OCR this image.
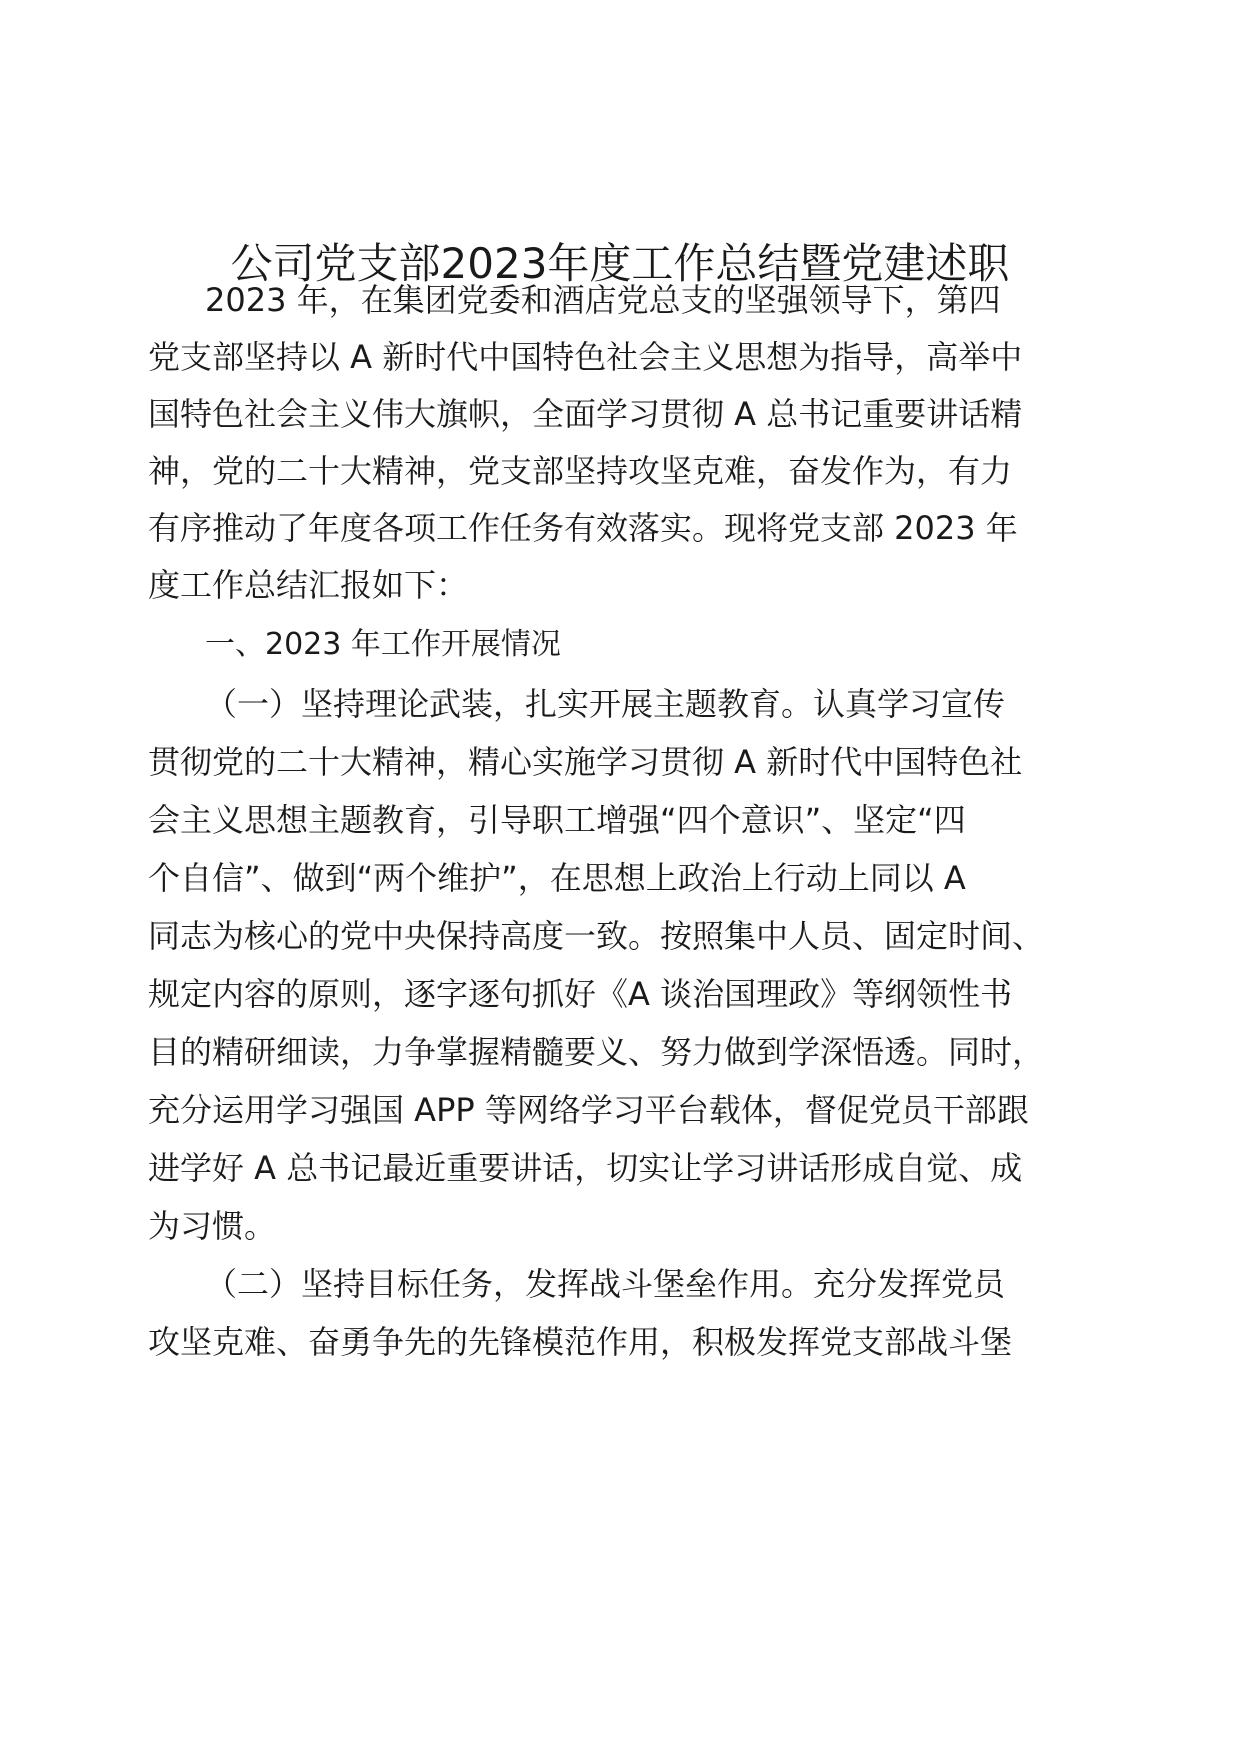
公司党支部2023年度工作总结暨党建述职

2023 年，在集团党委和酒店党总支的坚强领导下，第四

党支部坚持以 A 新时代中国特色社会主义思想为指导，高举中

国特色社会主义伟大旗帜，全面学习贯彻 A 总书记重要讲话精

神，党的二十大精神，党支部坚持攻坚克难，奋发作为，有力

有序推动了年度各项工作任务有效落实。现将党支部 2023 年

度工作总结汇报如下：

一、2023 年工作开展情况

（一）坚持理论武装，扎实开展主题教育。认真学习宣传

贯彻党的二十大精神，精心实施学习贯彻 A 新时代中国特色社

会主义思想主题教育，引导职工增强“四个意识”、坚定“四

个自信”、做到“两个维护”，在思想上政治上行动上同以 A

同志为核心的党中央保持高度一致。按照集中人员、固定时间、

规定内容的原则，逐字逐句抓好《A 谈治国理政》等纲领性书

目的精研细读，力争掌握精髓要义、努力做到学深悟透。同时，

充分运用学习强国 APP 等网络学习平台载体，督促党员干部跟

进学好 A 总书记最近重要讲话，切实让学习讲话形成自觉、成

为习惯。

（二）坚持目标任务，发挥战斗堡垒作用。充分发挥党员

攻坚克难、奋勇争先的先锋模范作用，积极发挥党支部战斗堡
